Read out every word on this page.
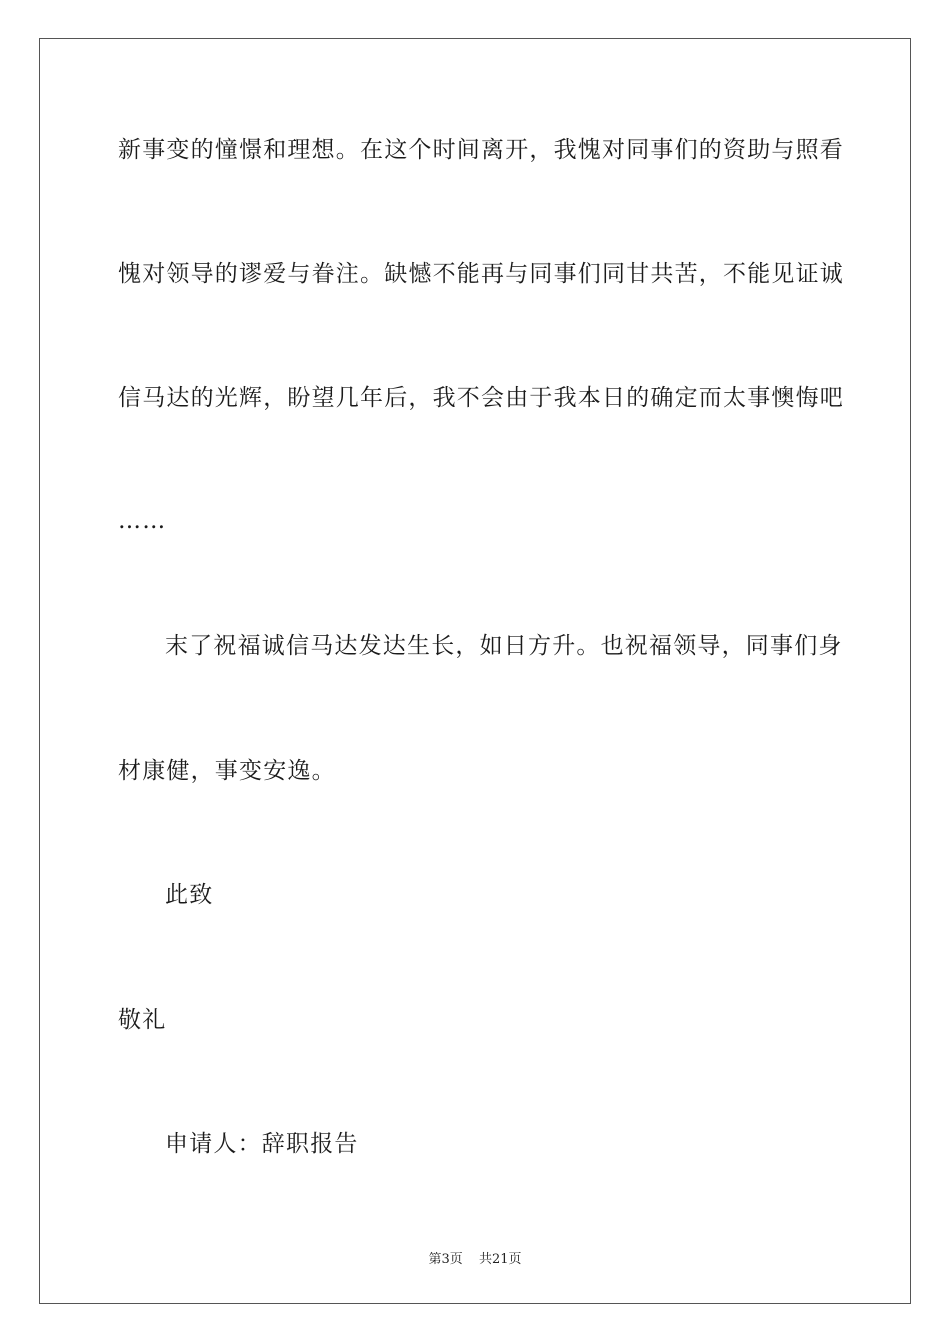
新事变的憧憬和理想。在这个时间离开，我愧对同事们的资助与照看
愧对领导的谬爱与眷注。缺憾不能再与同事们同甘共苦，不能见证诚
信马达的光辉，盼望几年后，我不会由于我本日的确定而太事懊悔吧
……
末了祝福诚信马达发达生长，如日方升。也祝福领导，同事们身
材康健，事变安逸。
此致
敬礼
申请人：辞职报告
第3页 共21页
